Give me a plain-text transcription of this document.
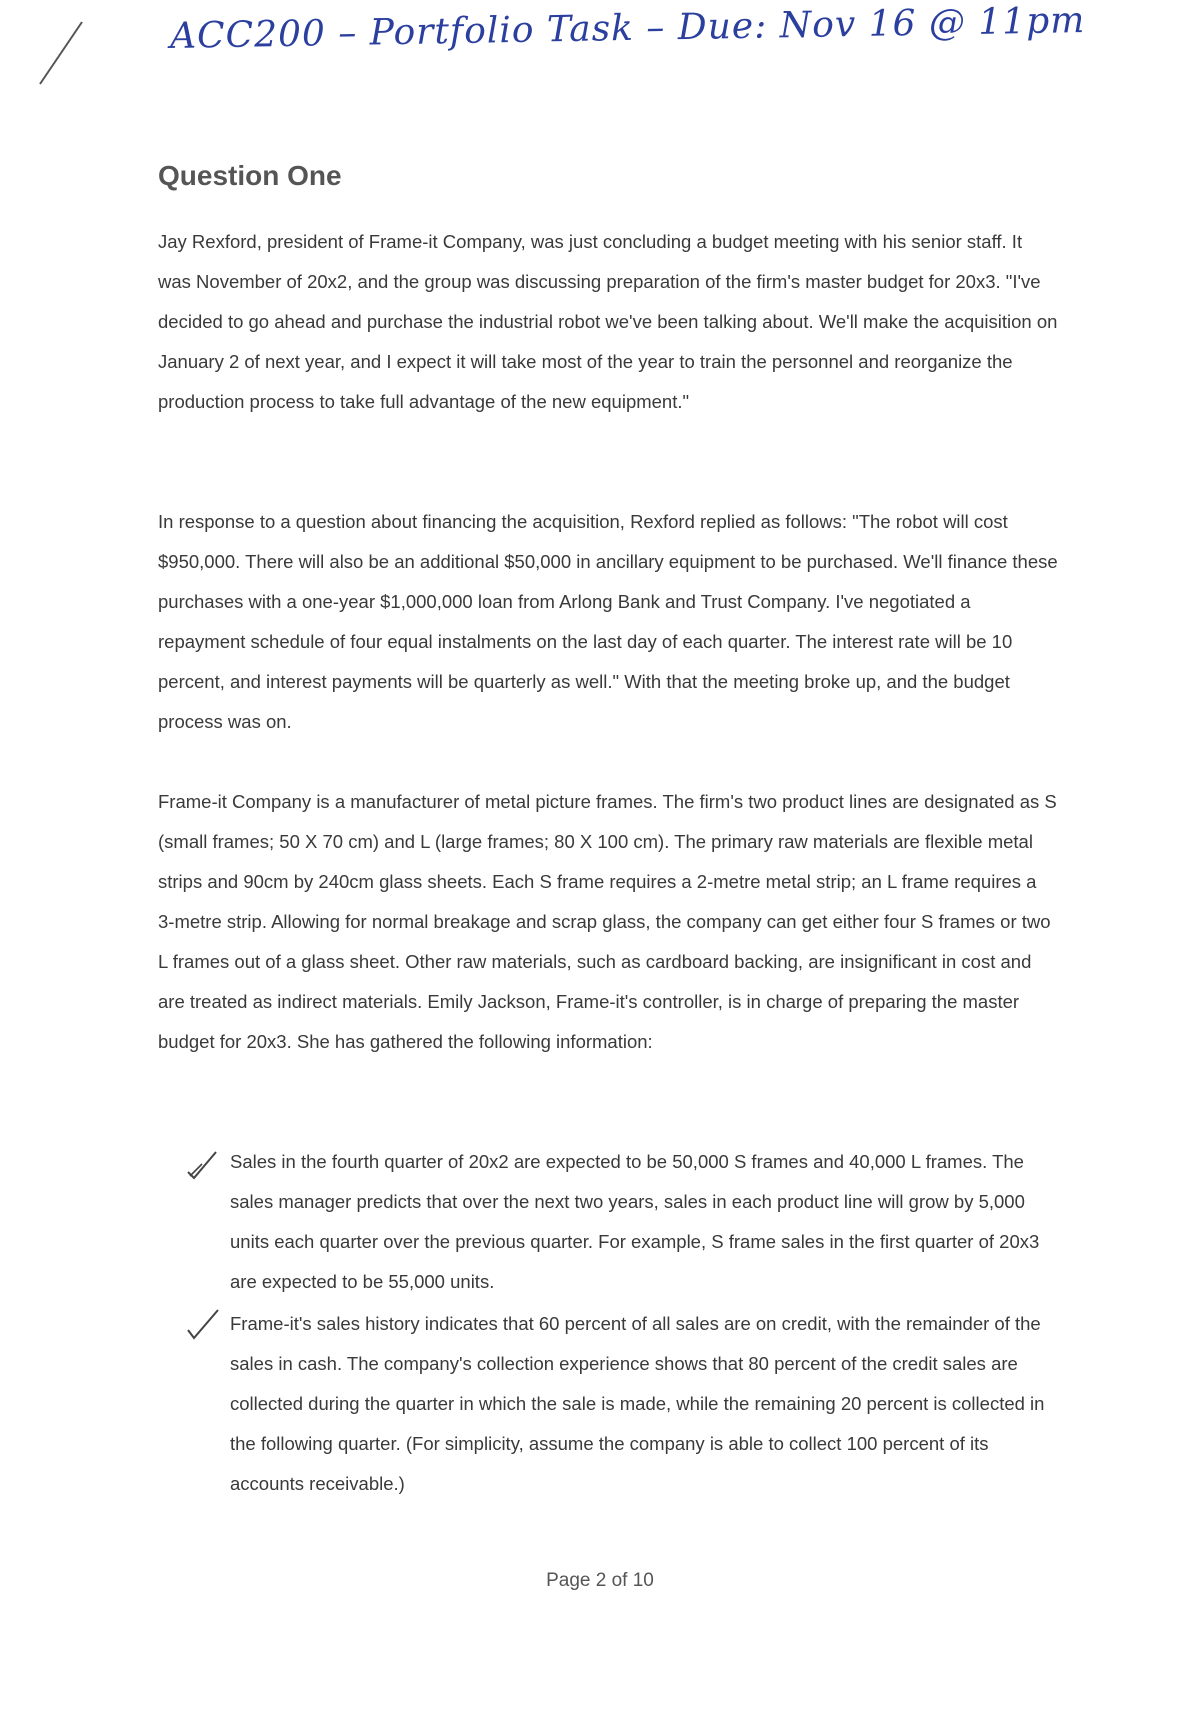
ACC200 – Portfolio Task – Due: Nov 16 @ 11pm
Question One
Jay Rexford, president of Frame-it Company, was just concluding a budget meeting with his senior staff. It was November of 20x2, and the group was discussing preparation of the firm's master budget for 20x3. "I've decided to go ahead and purchase the industrial robot we've been talking about. We'll make the acquisition on January 2 of next year, and I expect it will take most of the year to train the personnel and reorganize the production process to take full advantage of the new equipment."
In response to a question about financing the acquisition, Rexford replied as follows: "The robot will cost $950,000. There will also be an additional $50,000 in ancillary equipment to be purchased. We'll finance these purchases with a one-year $1,000,000 loan from Arlong Bank and Trust Company. I've negotiated a repayment schedule of four equal instalments on the last day of each quarter. The interest rate will be 10 percent, and interest payments will be quarterly as well." With that the meeting broke up, and the budget process was on.
Frame-it Company is a manufacturer of metal picture frames. The firm's two product lines are designated as S (small frames; 50 X 70 cm) and L (large frames; 80 X 100 cm). The primary raw materials are flexible metal strips and 90cm by 240cm glass sheets. Each S frame requires a 2-metre metal strip; an L frame requires a 3-metre strip. Allowing for normal breakage and scrap glass, the company can get either four S frames or two L frames out of a glass sheet. Other raw materials, such as cardboard backing, are insignificant in cost and are treated as indirect materials. Emily Jackson, Frame-it's controller, is in charge of preparing the master budget for 20x3. She has gathered the following information:
Sales in the fourth quarter of 20x2 are expected to be 50,000 S frames and 40,000 L frames. The sales manager predicts that over the next two years, sales in each product line will grow by 5,000 units each quarter over the previous quarter. For example, S frame sales in the first quarter of 20x3 are expected to be 55,000 units.
Frame-it's sales history indicates that 60 percent of all sales are on credit, with the remainder of the sales in cash. The company's collection experience shows that 80 percent of the credit sales are collected during the quarter in which the sale is made, while the remaining 20 percent is collected in the following quarter. (For simplicity, assume the company is able to collect 100 percent of its accounts receivable.)
Page 2 of 10
